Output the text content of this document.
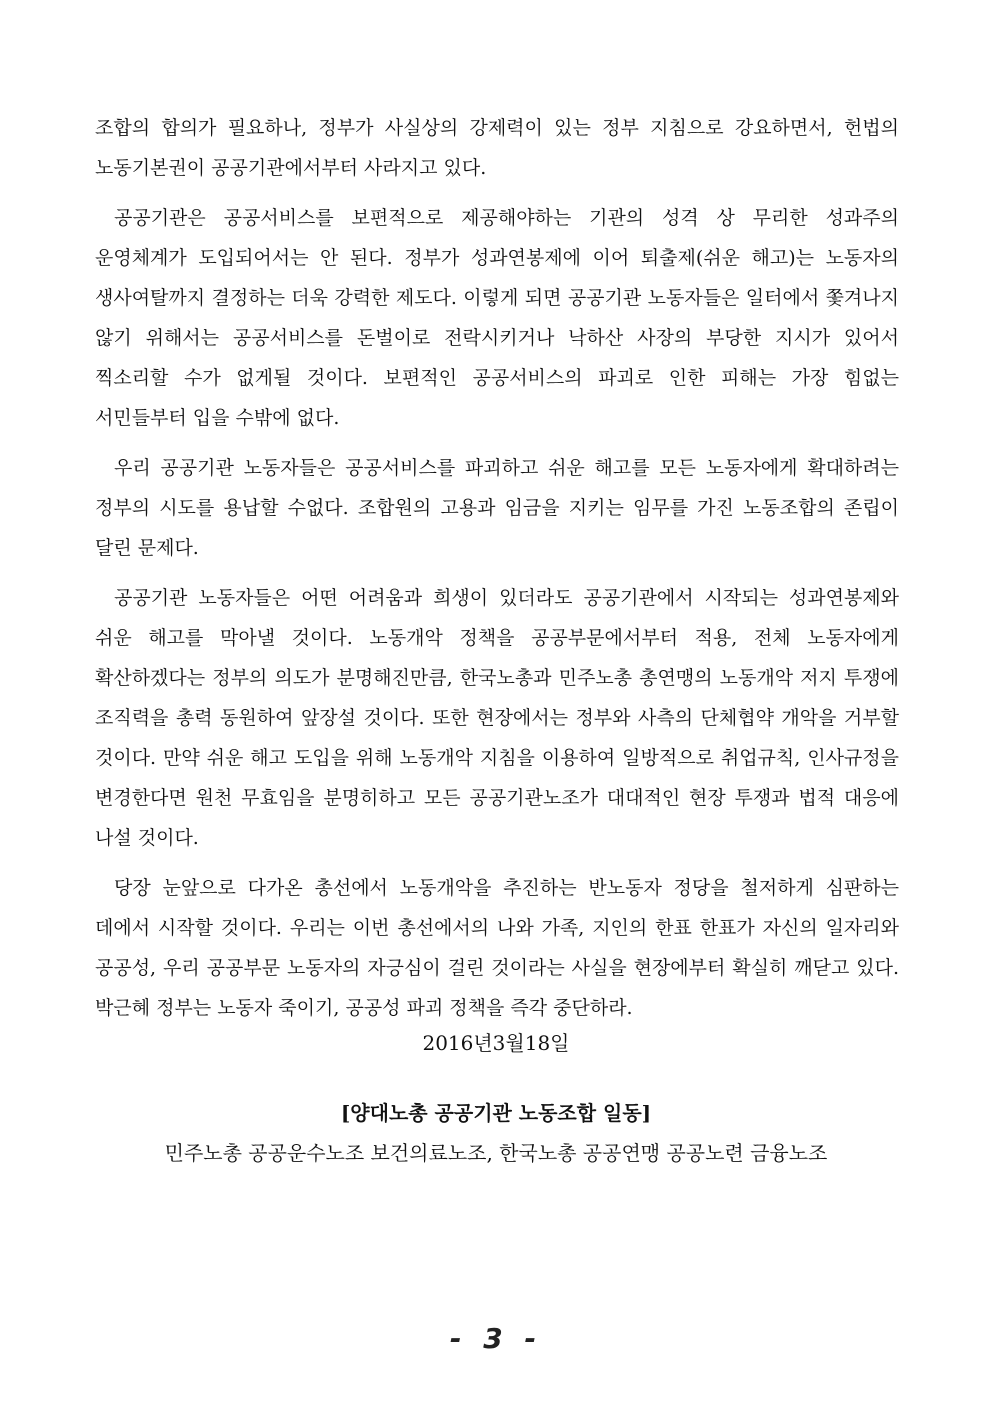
조합의 합의가 필요하나, 정부가 사실상의 강제력이 있는 정부 지침으로 강요하면서, 헌법의 노동기본권이 공공기관에서부터 사라지고 있다.

공공기관은 공공서비스를 보편적으로 제공해야하는 기관의 성격 상 무리한 성과주의 운영체계가 도입되어서는 안 된다. 정부가 성과연봉제에 이어 퇴출제(쉬운 해고)는 노동자의 생사여탈까지 결정하는 더욱 강력한 제도다. 이렇게 되면 공공기관 노동자들은 일터에서 쫓겨나지 않기 위해서는 공공서비스를 돈벌이로 전락시키거나 낙하산 사장의 부당한 지시가 있어서 찍소리할 수가 없게될 것이다. 보편적인 공공서비스의 파괴로 인한 피해는 가장 힘없는 서민들부터 입을 수밖에 없다.

우리 공공기관 노동자들은 공공서비스를 파괴하고 쉬운 해고를 모든 노동자에게 확대하려는 정부의 시도를 용납할 수없다. 조합원의 고용과 임금을 지키는 임무를 가진 노동조합의 존립이 달린 문제다.

공공기관 노동자들은 어떤 어려움과 희생이 있더라도 공공기관에서 시작되는 성과연봉제와 쉬운 해고를 막아낼 것이다. 노동개악 정책을 공공부문에서부터 적용, 전체 노동자에게 확산하겠다는 정부의 의도가 분명해진만큼, 한국노총과 민주노총 총연맹의 노동개악 저지 투쟁에 조직력을 총력 동원하여 앞장설 것이다. 또한 현장에서는 정부와 사측의 단체협약 개악을 거부할 것이다. 만약 쉬운 해고 도입을 위해 노동개악 지침을 이용하여 일방적으로 취업규칙, 인사규정을 변경한다면 원천 무효임을 분명히하고 모든 공공기관노조가 대대적인 현장 투쟁과 법적 대응에 나설 것이다.

당장 눈앞으로 다가온 총선에서 노동개악을 추진하는 반노동자 정당을 철저하게 심판하는 데에서 시작할 것이다. 우리는 이번 총선에서의 나와 가족, 지인의 한표 한표가 자신의 일자리와 공공성, 우리 공공부문 노동자의 자긍심이 걸린 것이라는 사실을 현장에부터 확실히 깨닫고 있다. 박근혜 정부는 노동자 죽이기, 공공성 파괴 정책을 즉각 중단하라.

2016년3월18일
[양대노총 공공기관 노동조합 일동]
민주노총 공공운수노조 보건의료노조, 한국노총 공공연맹 공공노련 금융노조
- 3 -
